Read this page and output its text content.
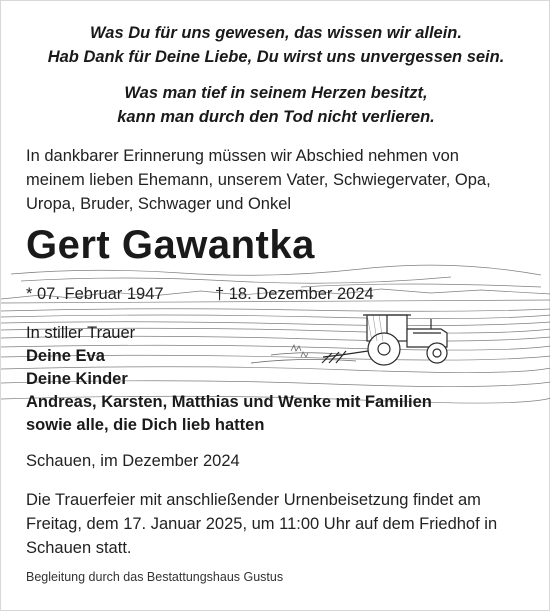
Was Du für uns gewesen, das wissen wir allein.
Hab Dank für Deine Liebe, Du wirst uns unvergessen sein.
Was man tief in seinem Herzen besitzt,
kann man durch den Tod nicht verlieren.
In dankbarer Erinnerung müssen wir Abschied nehmen von
meinem lieben Ehemann, unserem Vater, Schwiegervater, Opa,
Uropa, Bruder, Schwager und Onkel
Gert Gawantka
* 07. Februar 1947	† 18. Dezember 2024
In stiller Trauer
Deine Eva
Deine Kinder
Andreas, Karsten, Matthias und Wenke mit Familien
sowie alle, die Dich lieb hatten
Schauen, im Dezember 2024
Die Trauerfeier mit anschließender Urnenbeisetzung findet am
Freitag, dem 17. Januar 2025, um 11:00 Uhr auf dem Friedhof in
Schauen statt.
Begleitung durch das Bestattungshaus Gustus
